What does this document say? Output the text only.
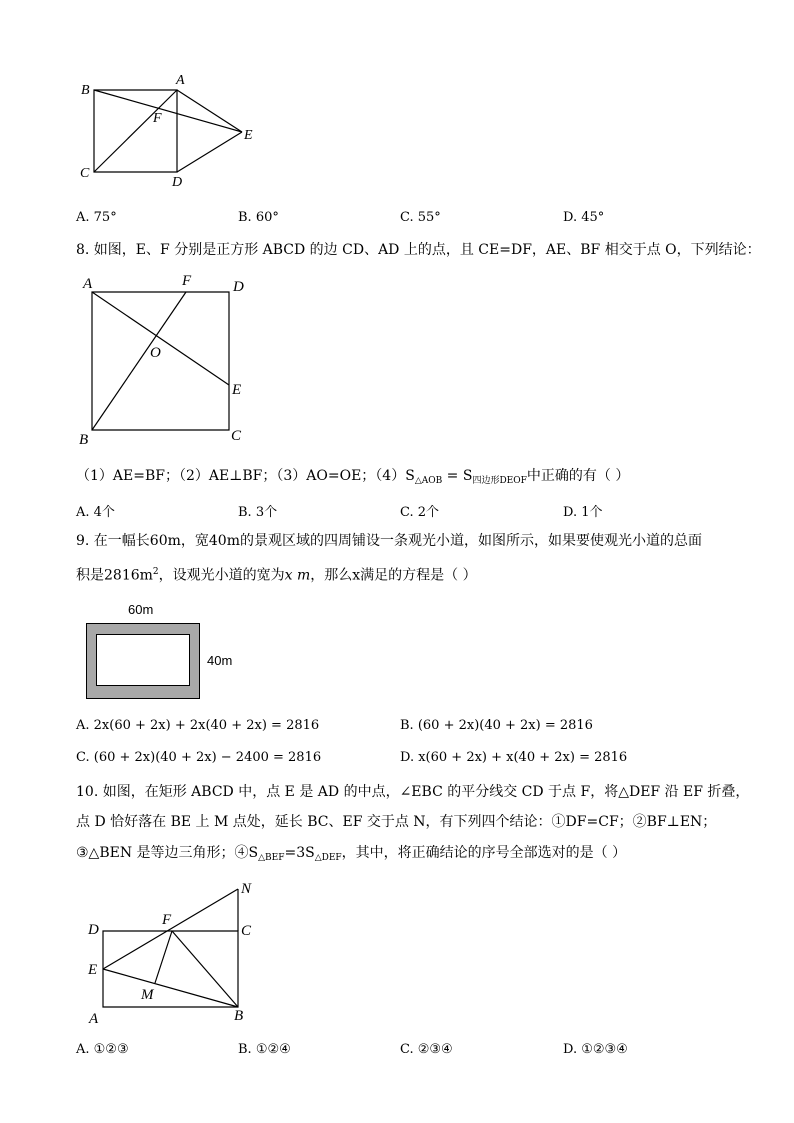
B
A
F
E
C
D
A. 75°	B. 60°	C. 55°	D. 45°
8. 如图，E、F 分别是正方形 ABCD 的边 CD、AD 上的点，且 CE=DF，AE、BF 相交于点 O，下列结论：
A	F	D
O
E
B	C
（1）AE=BF；（2）AE⊥BF；（3）AO=OE；$(4)S_{\triangle AOB} = S_{四边形DEOF}$中正确的有（ ）
A. 4个	B. 3个	C. 2个	D. 1个
9. 在一幅长60m，宽40m的景观区域的四周铺设一条观光小道，如图所示，如果要使观光小道的总面
积是$2816m^2$，设观光小道的宽为x m，那么x满足的方程是（ ）
60m
40m
A. 2x(60 + 2x) + 2x(40 + 2x) = 2816	B. (60 + 2x)(40 + 2x) = 2816
C. (60 + 2x)(40 + 2x) − 2400 = 2816	D. x(60 + 2x) + x(40 + 2x) = 2816
10. 如图，在矩形 ABCD 中，点 E 是 AD 的中点，∠EBC 的平分线交 CD 于点 F，将△DEF 沿 EF 折叠，
点 D 恰好落在 BE 上 M 点处，延长 BC、EF 交于点 N，有下列四个结论：①DF=CF；②BF⊥EN；
③△BEN 是等边三角形；$④S_{\triangle BEF}=3S_{\triangle DEF}$，其中，将正确结论的序号全部选对的是（ ）
N
F
D	C
E
M
A	B
A. ①②③	B. ①②④	C. ②③④	D. ①②③④
